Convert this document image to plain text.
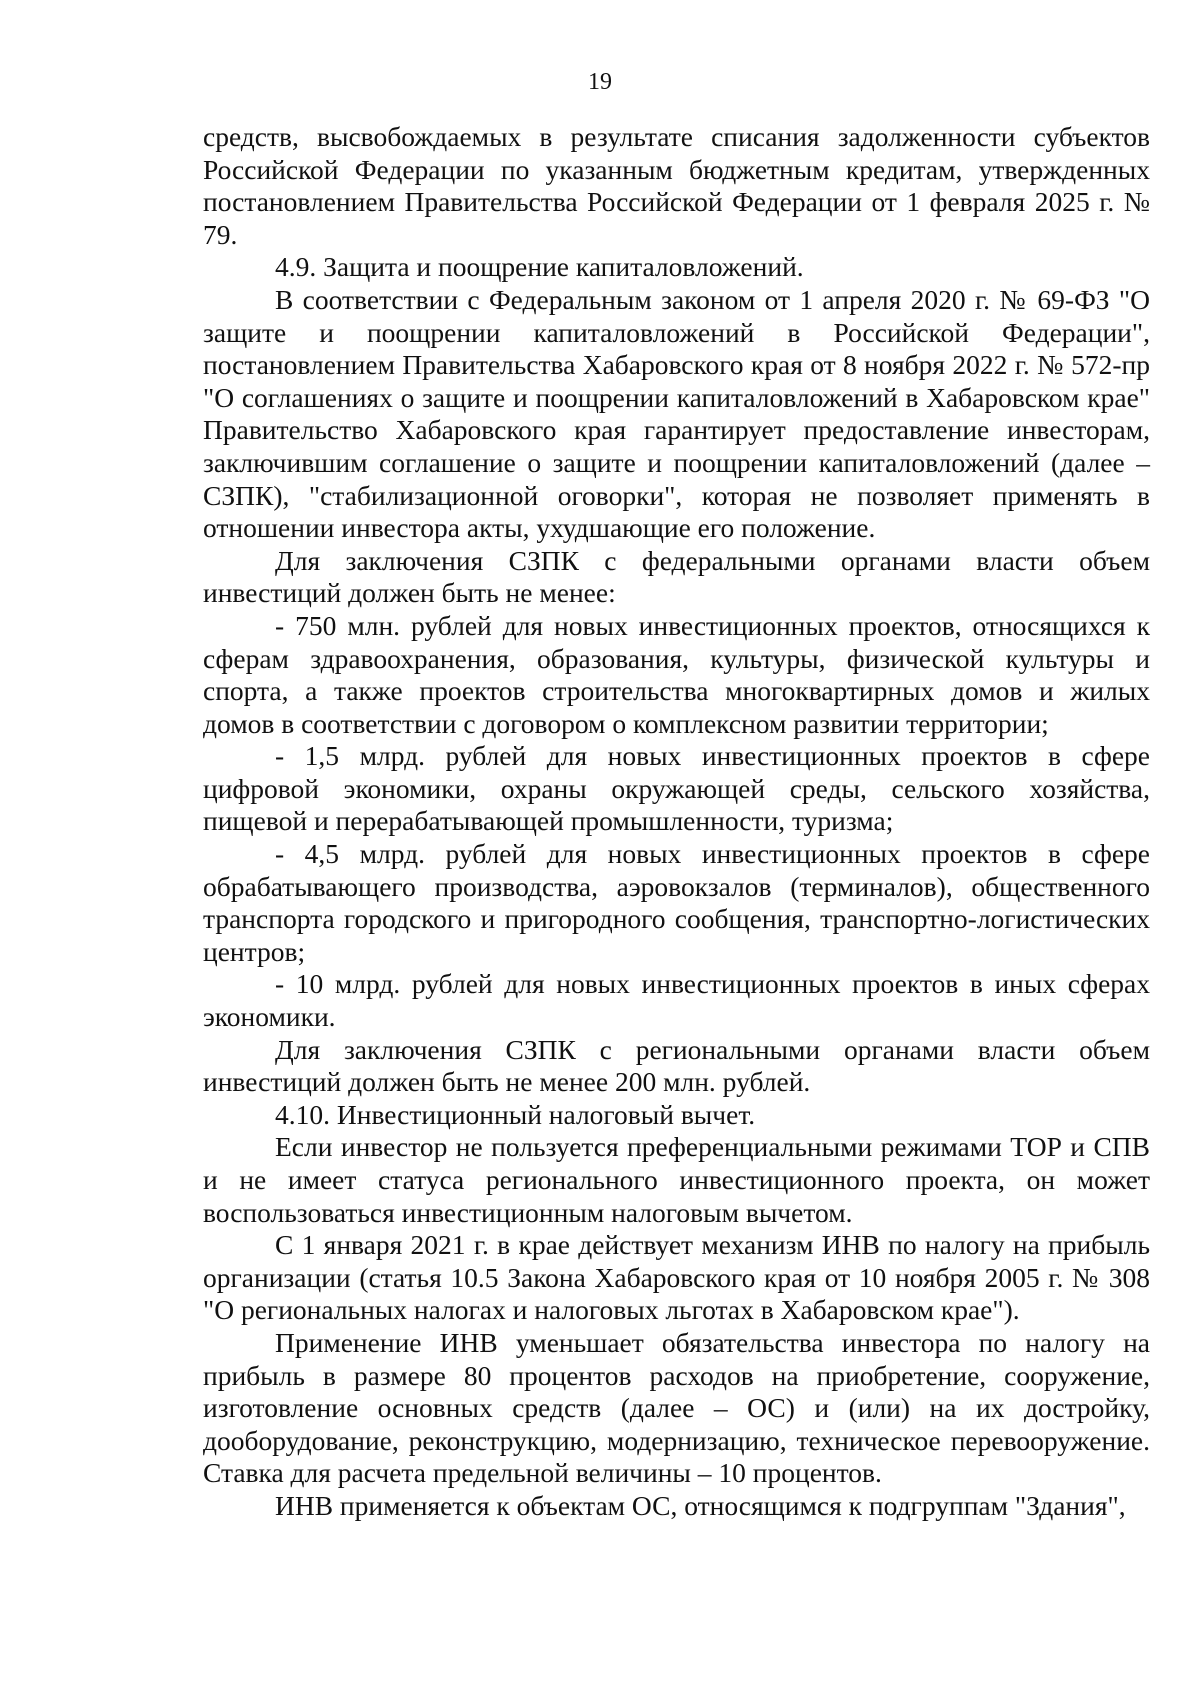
19

средств, высвобождаемых в результате списания задолженности субъектов Российской Федерации по указанным бюджетным кредитам, утвержденных постановлением Правительства Российской Федерации от 1 февраля 2025 г. № 79.

4.9. Защита и поощрение капиталовложений.

В соответствии с Федеральным законом от 1 апреля 2020 г. № 69-ФЗ "О защите и поощрении капиталовложений в Российской Федерации", постановлением Правительства Хабаровского края от 8 ноября 2022 г. № 572-пр "О соглашениях о защите и поощрении капиталовложений в Хабаровском крае" Правительство Хабаровского края гарантирует предоставление инвесторам, заключившим соглашение о защите и поощрении капиталовложений (далее – СЗПК), "стабилизационной оговорки", которая не позволяет применять в отношении инвестора акты, ухудшающие его положение.

Для заключения СЗПК с федеральными органами власти объем инвестиций должен быть не менее:

- 750 млн. рублей для новых инвестиционных проектов, относящихся к сферам здравоохранения, образования, культуры, физической культуры и спорта, а также проектов строительства многоквартирных домов и жилых домов в соответствии с договором о комплексном развитии территории;

- 1,5 млрд. рублей для новых инвестиционных проектов в сфере цифровой экономики, охраны окружающей среды, сельского хозяйства, пищевой и перерабатывающей промышленности, туризма;

- 4,5 млрд. рублей для новых инвестиционных проектов в сфере обрабатывающего производства, аэровокзалов (терминалов), общественного транспорта городского и пригородного сообщения, транспортно-логистических центров;

- 10 млрд. рублей для новых инвестиционных проектов в иных сферах экономики.

Для заключения СЗПК с региональными органами власти объем инвестиций должен быть не менее 200 млн. рублей.

4.10. Инвестиционный налоговый вычет.

Если инвестор не пользуется преференциальными режимами ТОР и СПВ и не имеет статуса регионального инвестиционного проекта, он может воспользоваться инвестиционным налоговым вычетом.

С 1 января 2021 г. в крае действует механизм ИНВ по налогу на прибыль организации (статья 10.5 Закона Хабаровского края от 10 ноября 2005 г. № 308 "О региональных налогах и налоговых льготах в Хабаровском крае").

Применение ИНВ уменьшает обязательства инвестора по налогу на прибыль в размере 80 процентов расходов на приобретение, сооружение, изготовление основных средств (далее – ОС) и (или) на их достройку, дооборудование, реконструкцию, модернизацию, техническое перевооружение. Ставка для расчета предельной величины – 10 процентов.

ИНВ применяется к объектам ОС, относящимся к подгруппам "Здания",
